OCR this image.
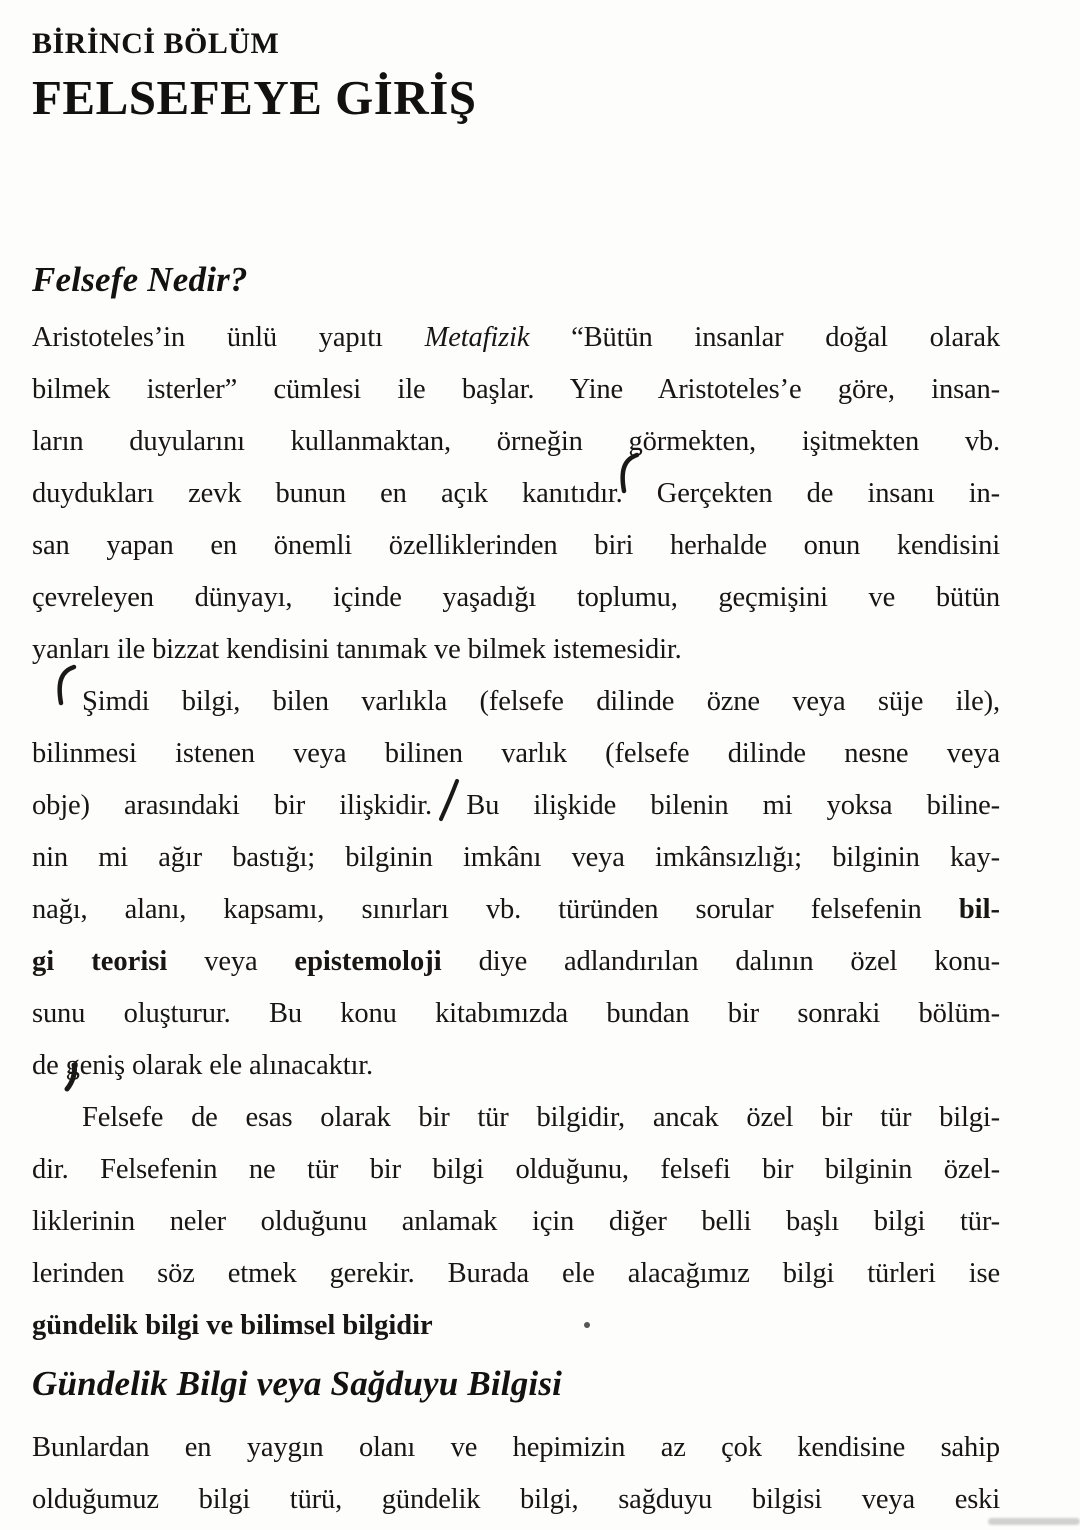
BİRİNCİ BÖLÜM
FELSEFEYE GİRİŞ
Felsefe Nedir?
Aristoteles’in ünlü yapıtı Metafizik “Bütün insanlar doğal olarak
bilmek isterler” cümlesi ile başlar. Yine Aristoteles’e göre, insan-
ların duyularını kullanmaktan, örneğin görmekten, işitmekten vb.
duydukları zevk bunun en açık kanıtıdır. Gerçekten de insanı in-
san yapan en önemli özelliklerinden biri herhalde onun kendisini
çevreleyen dünyayı, içinde yaşadığı toplumu, geçmişini ve bütün
yanları ile bizzat kendisini tanımak ve bilmek istemesidir.
Şimdi bilgi, bilen varlıkla (felsefe dilinde özne veya süje ile),
bilinmesi istenen veya bilinen varlık (felsefe dilinde nesne veya
obje) arasındaki bir ilişkidir. Bu ilişkide bilenin mi yoksa biline-
nin mi ağır bastığı; bilginin imkânı veya imkânsızlığı; bilginin kay-
nağı, alanı, kapsamı, sınırları vb. türünden sorular felsefenin bil-
gi teorisi veya epistemoloji diye adlandırılan dalının özel konu-
sunu oluşturur. Bu konu kitabımızda bundan bir sonraki bölüm-
de geniş olarak ele alınacaktır.
Felsefe de esas olarak bir tür bilgidir, ancak özel bir tür bilgi-
dir. Felsefenin ne tür bir bilgi olduğunu, felsefi bir bilginin özel-
liklerinin neler olduğunu anlamak için diğer belli başlı bilgi tür-
lerinden söz etmek gerekir. Burada ele alacağımız bilgi türleri ise
gündelik bilgi ve bilimsel bilgidir
Gündelik Bilgi veya Sağduyu Bilgisi
Bunlardan en yaygın olanı ve hepimizin az çok kendisine sahip
olduğumuz bilgi türü, gündelik bilgi, sağduyu bilgisi veya eski
